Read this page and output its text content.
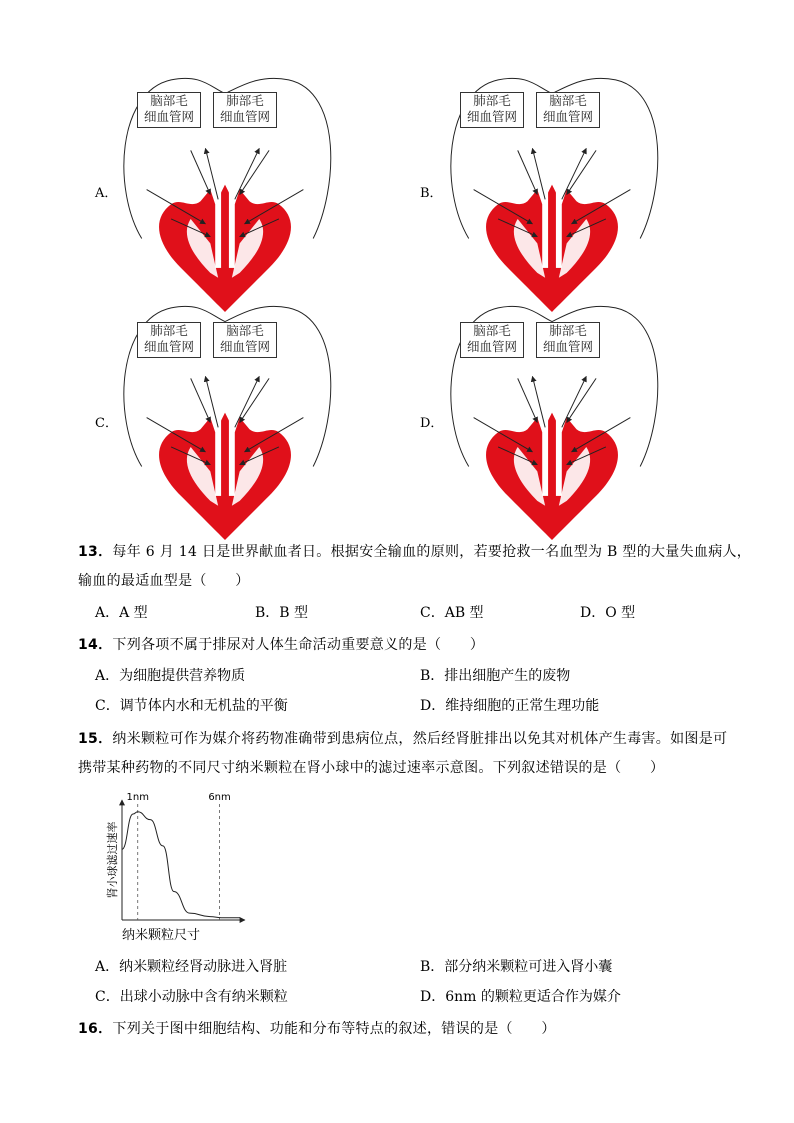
A．
脑部毛
细血管网
肺部毛
细血管网
B．
肺部毛
细血管网
脑部毛
细血管网
C．
肺部毛
细血管网
脑部毛
细血管网
D．
脑部毛
细血管网
肺部毛
细血管网
13．每年 6 月 14 日是世界献血者日。根据安全输血的原则，若要抢救一名血型为 B 型的大量失血病人，
输血的最适血型是（　　）
A．A 型	B．B 型	C．AB 型	D．O 型
14．下列各项不属于排尿对人体生命活动重要意义的是（　　）
A．为细胞提供营养物质	B．排出细胞产生的废物
C．调节体内水和无机盐的平衡	D．维持细胞的正常生理功能
15．纳米颗粒可作为媒介将药物准确带到患病位点，然后经肾脏排出以免其对机体产生毒害。如图是可
携带某种药物的不同尺寸纳米颗粒在肾小球中的滤过速率示意图。下列叙述错误的是（　　）
1nm	6nm
肾小球滤过速率
纳米颗粒尺寸
A．纳米颗粒经肾动脉进入肾脏	B．部分纳米颗粒可进入肾小囊
C．出球小动脉中含有纳米颗粒	D．6nm 的颗粒更适合作为媒介
16．下列关于图中细胞结构、功能和分布等特点的叙述，错误的是（　　）
